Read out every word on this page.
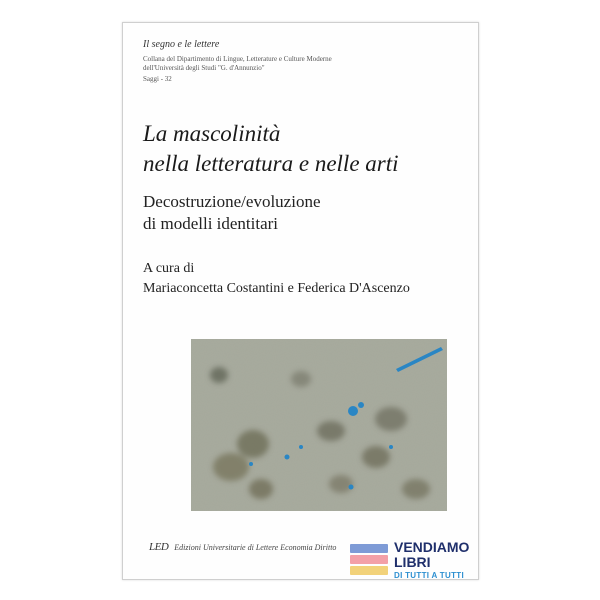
Il segno e le lettere
Collana del Dipartimento di Lingue, Letterature e Culture Moderne
dell'Università degli Studi "G. d'Annunzio"
Saggi - 32
La mascolinità
nella letteratura e nelle arti
Decostruzione/evoluzione
di modelli identitari
A cura di
Mariaconcetta Costantini e Federica D'Ascenzo
LED Edizioni Universitarie di Lettere Economia Diritto	VENDIAMO
LIBRI
DI TUTTI A TUTTI
